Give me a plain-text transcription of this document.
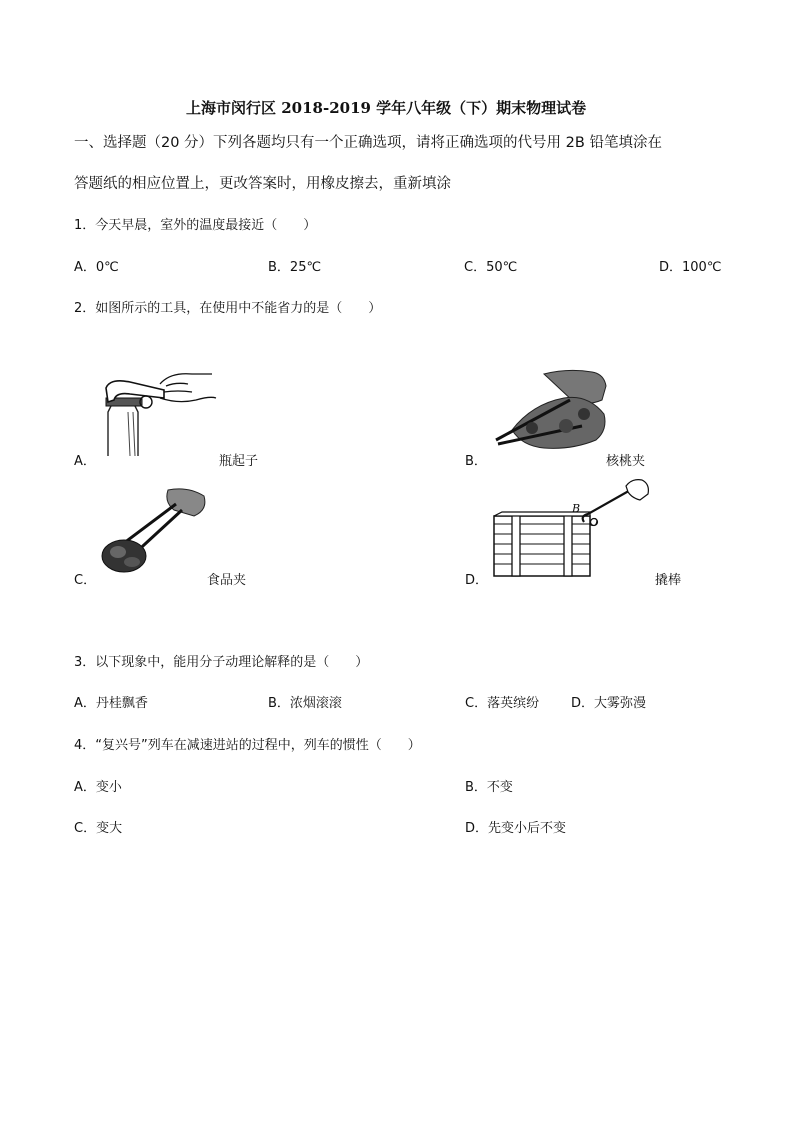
上海市闵行区 2018-2019 学年八年级（下）期末物理试卷
一、选择题（20 分）下列各题均只有一个正确选项，请将正确选项的代号用 2B 铅笔填涂在
答题纸的相应位置上，更改答案时，用橡皮擦去，重新填涂
1．今天早晨，室外的温度最接近（　　）
A．0℃	B．25℃	C．50℃	D．100℃
2．如图所示的工具，在使用中不能省力的是（　　）
A．	瓶起子	B．	核桃夹
C．	食品夹
B
O
D．	撬棒
3．以下现象中，能用分子动理论解释的是（　　）
A．丹桂飘香	B．浓烟滚滚	C．落英缤纷 D．大雾弥漫
4．“复兴号”列车在减速进站的过程中，列车的惯性（　　）
A．变小	B．不变
C．变大	D．先变小后不变
